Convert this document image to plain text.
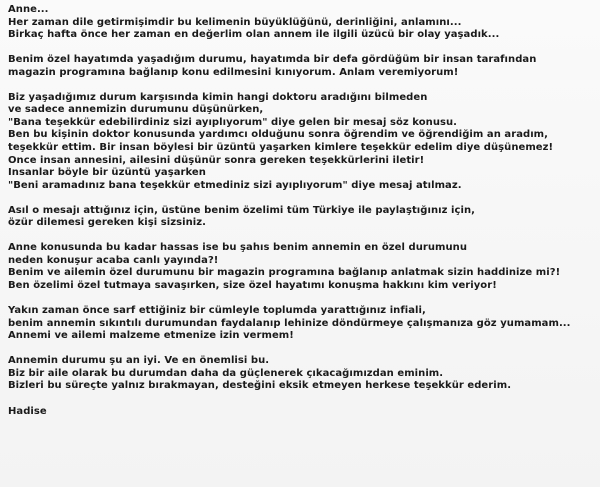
Anne...
Her zaman dile getirmişimdir bu kelimenin büyüklüğünü, derinliğini, anlamını...
Birkaç hafta önce her zaman en değerlim olan annem ile ilgili üzücü bir olay yaşadık...
Benim özel hayatımda yaşadığım durumu, hayatımda bir defa gördüğüm bir insan tarafından
magazin programına bağlanıp konu edilmesini kınıyorum. Anlam veremiyorum!
Biz yaşadığımız durum karşısında kimin hangi doktoru aradığını bilmeden
ve sadece annemizin durumunu düşünürken,
"Bana teşekkür edebilirdiniz sizi ayıplıyorum" diye gelen bir mesaj söz konusu.
Ben bu kişinin doktor konusunda yardımcı olduğunu sonra öğrendim ve öğrendiğim an aradım,
teşekkür ettim. Bir insan böylesi bir üzüntü yaşarken kimlere teşekkür edelim diye düşünemez!
Önce insan annesini, ailesini düşünür sonra gereken teşekkürlerini iletir!
İnsanlar böyle bir üzüntü yaşarken
"Beni aramadınız bana teşekkür etmediniz sizi ayıplıyorum" diye mesaj atılmaz.
Asıl o mesajı attığınız için, üstüne benim özelimi tüm Türkiye ile paylaştığınız için,
özür dilemesi gereken kişi sizsiniz.
Anne konusunda bu kadar hassas ise bu şahıs benim annemin en özel durumunu
neden konuşur acaba canlı yayında?!
Benim ve ailemin özel durumunu bir magazin programına bağlanıp anlatmak sizin haddinize mi?!
Ben özelimi özel tutmaya savaşırken, size özel hayatımı konuşma hakkını kim veriyor!
Yakın zaman önce sarf ettiğiniz bir cümleyle toplumda yarattığınız infiali,
benim annemin sıkıntılı durumundan faydalanıp lehinize döndürmeye çalışmanıza göz yumamam...
Annemi ve ailemi malzeme etmenize izin vermem!
Annemin durumu şu an iyi. Ve en önemlisi bu.
Biz bir aile olarak bu durumdan daha da güçlenerek çıkacağımızdan eminim.
Bizleri bu süreçte yalnız bırakmayan, desteğini eksik etmeyen herkese teşekkür ederim.
Hadise
